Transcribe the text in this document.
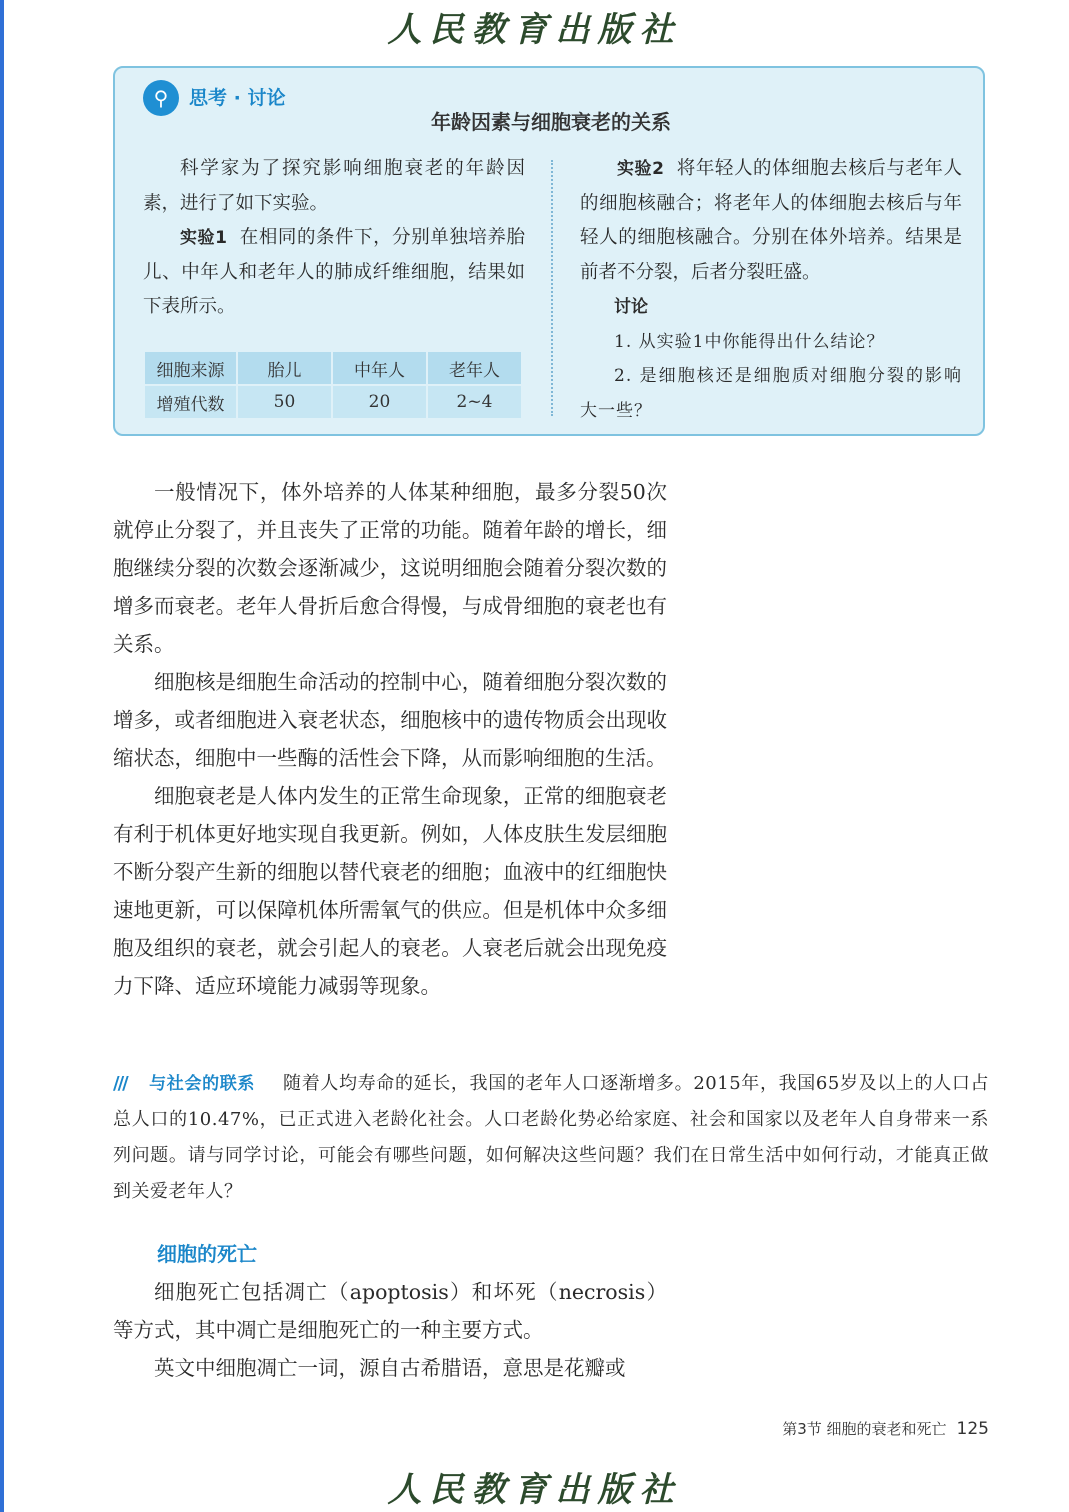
人民教育出版社
⚲	思考 · 讨论
年龄因素与细胞衰老的关系

科学家为了探究影响细胞衰老的年龄因素，进行了如下实验。

实验1 在相同的条件下，分别单独培养胎儿、中年人和老年人的肺成纤维细胞，结果如下表所示。

细胞来源	胎儿	中年人	老年人
增殖代数	50	20	2~4

实验2 将年轻人的体细胞去核后与老年人的细胞核融合；将老年人的体细胞去核后与年轻人的细胞核融合。分别在体外培养。结果是前者不分裂，后者分裂旺盛。

讨论

1. 从实验1中你能得出什么结论？

2. 是细胞核还是细胞质对细胞分裂的影响大一些？

一般情况下，体外培养的人体某种细胞，最多分裂50次就停止分裂了，并且丧失了正常的功能。随着年龄的增长，细胞继续分裂的次数会逐渐减少，这说明细胞会随着分裂次数的增多而衰老。老年人骨折后愈合得慢，与成骨细胞的衰老也有关系。

细胞核是细胞生命活动的控制中心，随着细胞分裂次数的增多，或者细胞进入衰老状态，细胞核中的遗传物质会出现收缩状态，细胞中一些酶的活性会下降，从而影响细胞的生活。

细胞衰老是人体内发生的正常生命现象，正常的细胞衰老有利于机体更好地实现自我更新。例如，人体皮肤生发层细胞不断分裂产生新的细胞以替代衰老的细胞；血液中的红细胞快速地更新，可以保障机体所需氧气的供应。但是机体中众多细胞及组织的衰老，就会引起人的衰老。人衰老后就会出现免疫力下降、适应环境能力减弱等现象。

/// 与社会的联系 随着人均寿命的延长，我国的老年人口逐渐增多。2015年，我国65岁及以上的人口占总人口的10.47%，已正式进入老龄化社会。人口老龄化势必给家庭、社会和国家以及老年人自身带来一系列问题。请与同学讨论，可能会有哪些问题，如何解决这些问题？我们在日常生活中如何行动，才能真正做到关爱老年人？

细胞的死亡

细胞死亡包括凋亡（apoptosis）和坏死（necrosis）等方式，其中凋亡是细胞死亡的一种主要方式。

英文中细胞凋亡一词，源自古希腊语，意思是花瓣或

第3节 细胞的衰老和死亡 125
人民教育出版社
